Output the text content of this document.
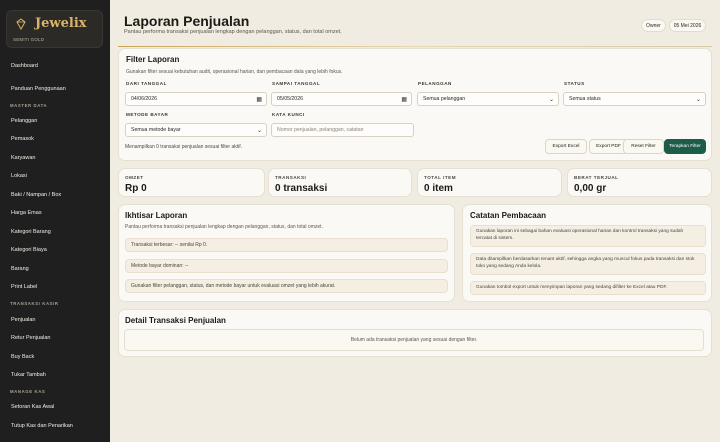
Jewelix
SEMITI GOLD
Dashboard
Panduan Penggunaan
MASTER DATA
Pelanggan
Pemasok
Karyawan
Lokasi
Baki / Nampan / Box
Harga Emas
Kategori Barang
Kategori Biaya
Barang
Print Label
TRANSAKSI KASIR
Penjualan
Retur Penjualan
Buy Back
Tukar Tambah
MANAGE KAS
Setoran Kas Awal
Tutup Kas dan Penarikan
Laporan Penjualan

Pantau performa transaksi penjualan lengkap dengan pelanggan, status, dan total omzet.

Owner	05 Mei 2026
Filter Laporan
Gunakan filter sesuai kebutuhan audit, operasional harian, dan pembacaan data yang lebih fokus.
DARI TANGGAL
04/06/2026	▦
SAMPAI TANGGAL
05/05/2026	▦
PELANGGAN
Semua pelanggan	⌄
STATUS
Semua status	⌄
METODE BAYAR
Semua metode bayar	⌄
KATA KUNCI
Nomor penjualan, pelanggan, catatan
Export Excel	Export PDF	Reset Filter	Terapkan Filter
Menampilkan 0 transaksi penjualan sesuai filter aktif.
OMZET
Rp 0
TRANSAKSI
0 transaksi
TOTAL ITEM
0 item
BERAT TERJUAL
0,00 gr
Ikhtisar Laporan
Pantau performa transaksi penjualan lengkap dengan pelanggan, status, dan total omzet.
Transaksi terbesar: -- senilai Rp 0.
Metode bayar dominan: --
Gunakan filter pelanggan, status, dan metode bayar untuk evaluasi omzet yang lebih akurat.
Catatan Pembacaan
Gunakan laporan ini sebagai bahan evaluasi operasional harian dan kontrol transaksi yang sudah tercatat di sistem.
Data ditampilkan berdasarkan tenant aktif, sehingga angka yang muncul fokus pada transaksi dan stok toko yang sedang Anda kelola.
Gunakan tombol export untuk menyimpan laporan yang sedang difilter ke Excel atau PDF.
Detail Transaksi Penjualan
Belum ada transaksi penjualan yang sesuai dengan filter.
